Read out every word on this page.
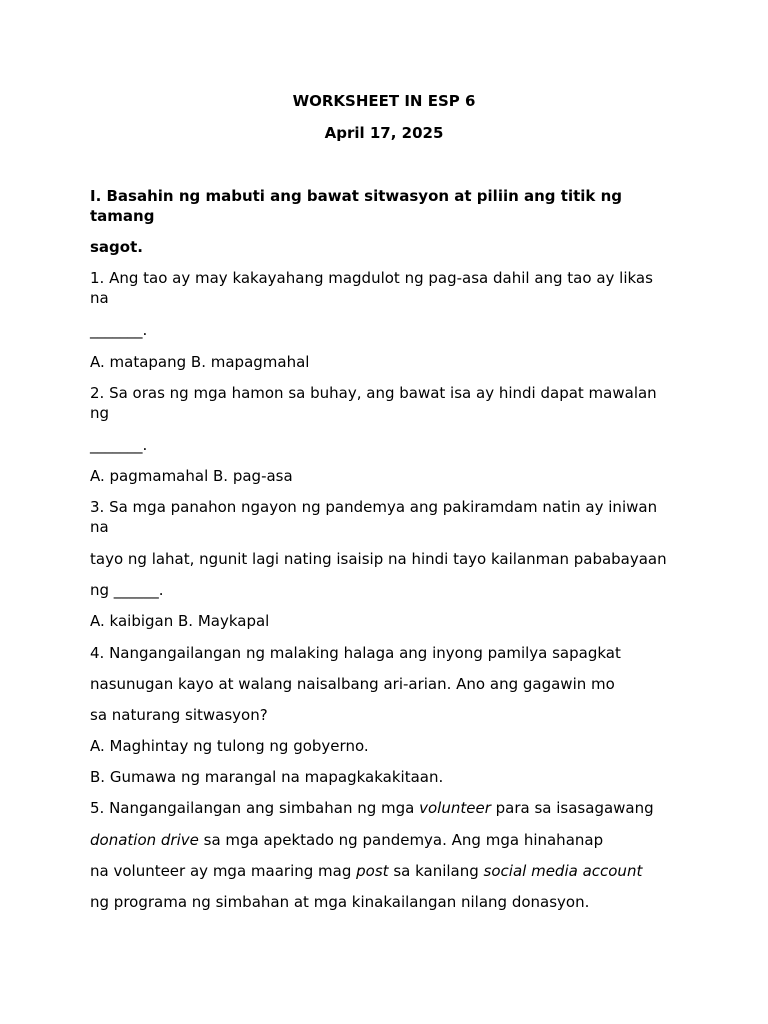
WORKSHEET IN ESP 6
April 17, 2025
I. Basahin ng mabuti ang bawat sitwasyon at piliin ang titik ng
tamang
sagot.
1. Ang tao ay may kakayahang magdulot ng pag-asa dahil ang tao ay likas
na
_______.
A. matapang B. mapagmahal
2. Sa oras ng mga hamon sa buhay, ang bawat isa ay hindi dapat mawalan
ng
_______.
A. pagmamahal B. pag-asa
3. Sa mga panahon ngayon ng pandemya ang pakiramdam natin ay iniwan
na
tayo ng lahat, ngunit lagi nating isaisip na hindi tayo kailanman pababayaan
ng ______.
A. kaibigan B. Maykapal
4. Nangangailangan ng malaking halaga ang inyong pamilya sapagkat
nasunugan kayo at walang naisalbang ari-arian. Ano ang gagawin mo
sa naturang sitwasyon?
A. Maghintay ng tulong ng gobyerno.
B. Gumawa ng marangal na mapagkakakitaan.
5. Nangangailangan ang simbahan ng mga volunteer para sa isasagawang
donation drive sa mga apektado ng pandemya. Ang mga hinahanap
na volunteer ay mga maaring mag post sa kanilang social media account
ng programa ng simbahan at mga kinakailangan nilang donasyon.
